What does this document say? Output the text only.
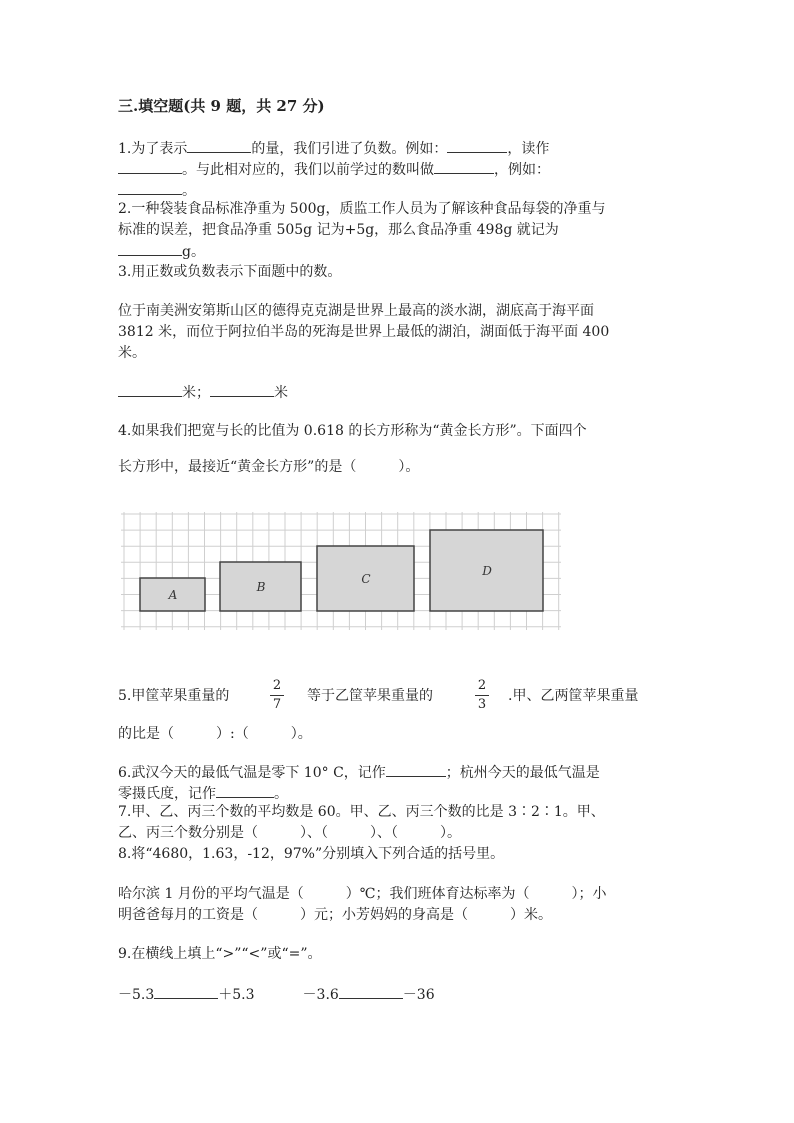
三.填空题(共 9 题，共 27 分)
1.为了表示	的量，我们引进了负数。例如：	，读作
。与此相对应的，我们以前学过的数叫做	，例如：
。
2.一种袋装食品标准净重为 500g，质监工作人员为了解该种食品每袋的净重与
标准的误差，把食品净重 505g 记为+5g，那么食品净重 498g 就记为
g。
3.用正数或负数表示下面题中的数。
位于南美洲安第斯山区的德得克克湖是世界上最高的淡水湖，湖底高于海平面
3812 米，而位于阿拉伯半岛的死海是世界上最低的湖泊，湖面低于海平面 400
米。
米；	米
4.如果我们把宽与长的比值为 0.618 的长方形称为“黄金长方形”。下面四个
长方形中，最接近“黄金长方形”的是（　　　）。
A
B
C
D
5.甲筐苹果重量的
2
7
等于乙筐苹果重量的
2
3
.甲、乙两筐苹果重量
的比是（　　　）:（　　　）。
6.武汉今天的最低气温是零下 10° C，记作	；杭州今天的最低气温是
零摄氏度，记作	。
7.甲、乙、丙三个数的平均数是 60。甲、乙、丙三个数的比是 3∶2∶1。甲、
乙、丙三个数分别是（　　　）、（　　　）、（　　　）。
8.将“4680，1.63，-12，97%”分别填入下列合适的括号里。
哈尔滨 1 月份的平均气温是（　　　）℃；我们班体育达标率为（　　　）；小
明爸爸每月的工资是（　　　）元；小芳妈妈的身高是（　　　）米。
9.在横线上填上“>”“<”或“=”。
－5.3	＋5.3	－3.6	－36
